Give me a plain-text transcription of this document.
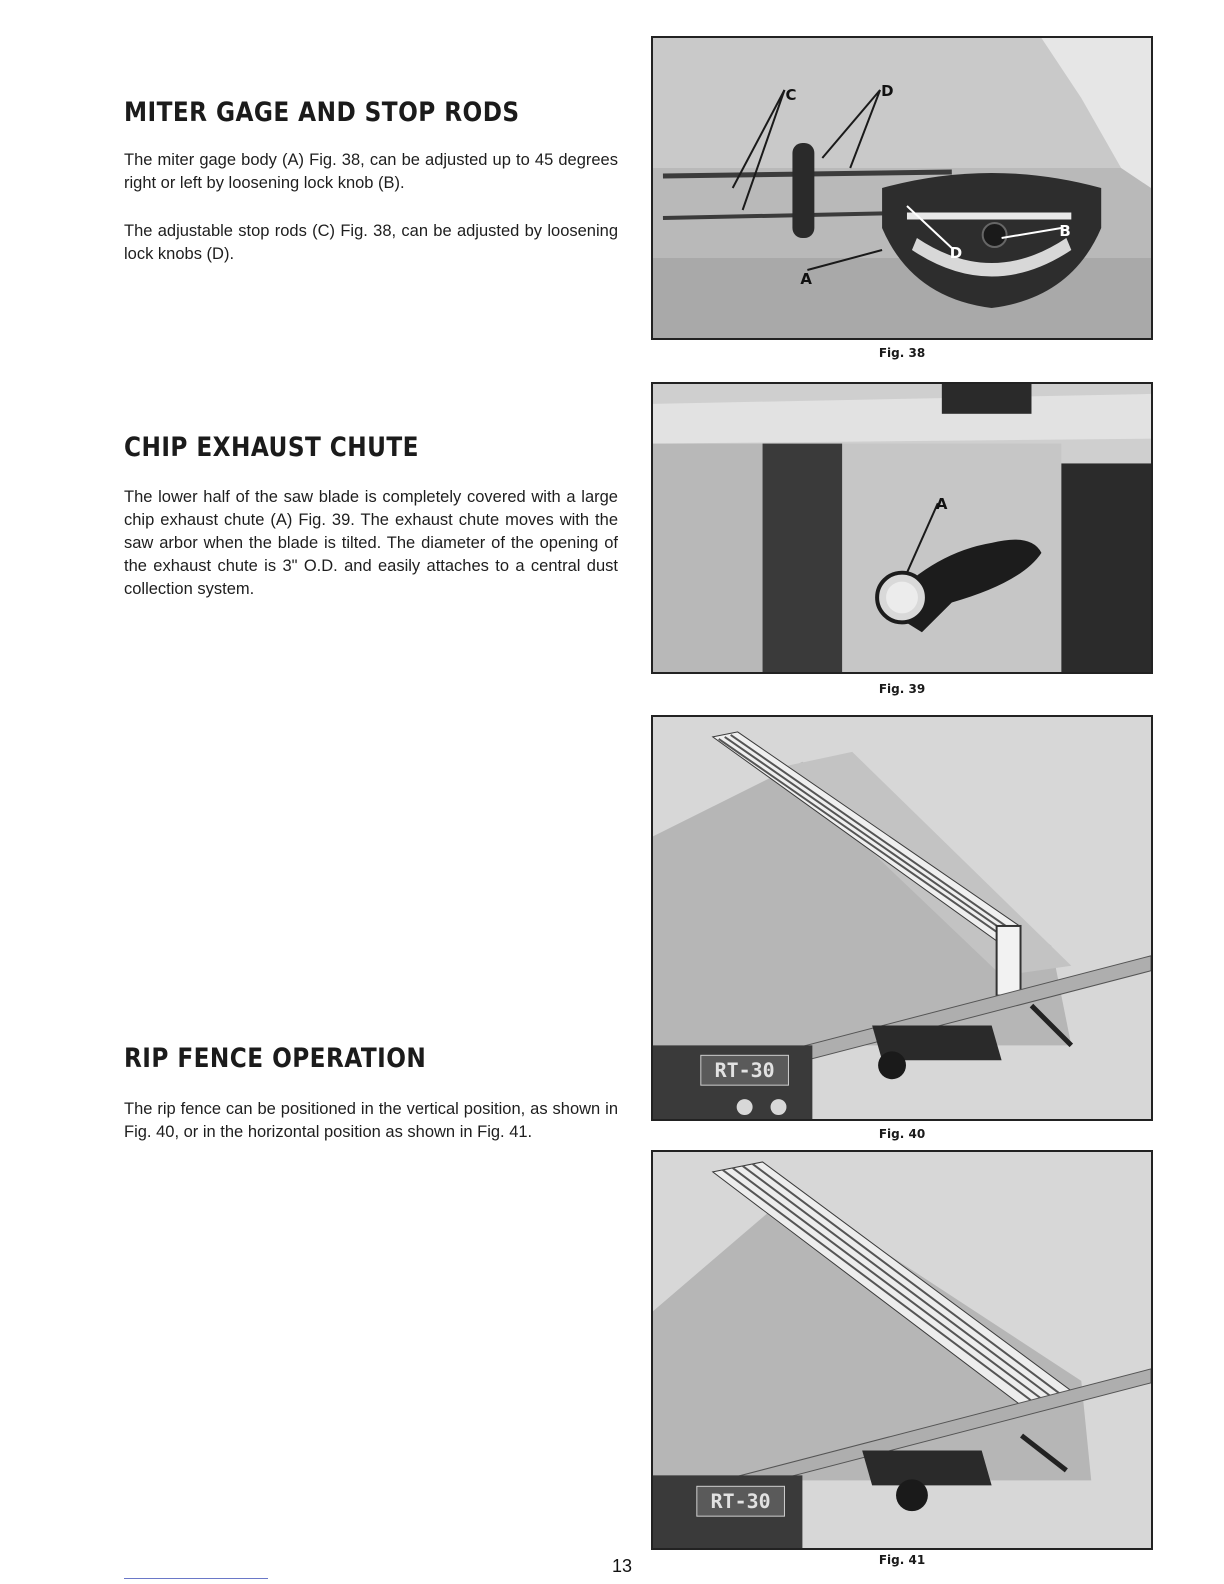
MITER GAGE AND STOP RODS

The miter gage body (A) Fig. 38, can be adjusted up to 45 degrees right or left by loosening lock knob (B).

The adjustable stop rods (C) Fig. 38, can be adjusted by loosening lock knobs (D).

CHIP EXHAUST CHUTE

The lower half of the saw blade is completely covered with a large chip exhaust chute (A) Fig. 39. The exhaust chute moves with the saw arbor when the blade is tilted. The diameter of the opening of the exhaust chute is 3" O.D. and easily attaches to a central dust collection system.

RIP FENCE OPERATION

The rip fence can be positioned in the vertical position, as shown in Fig. 40, or in the horizontal position as shown in Fig. 41.

C	D
D
B
A
Fig. 38
A
Fig. 39
RT-30
Fig. 40
RT-30
Fig. 41
13
